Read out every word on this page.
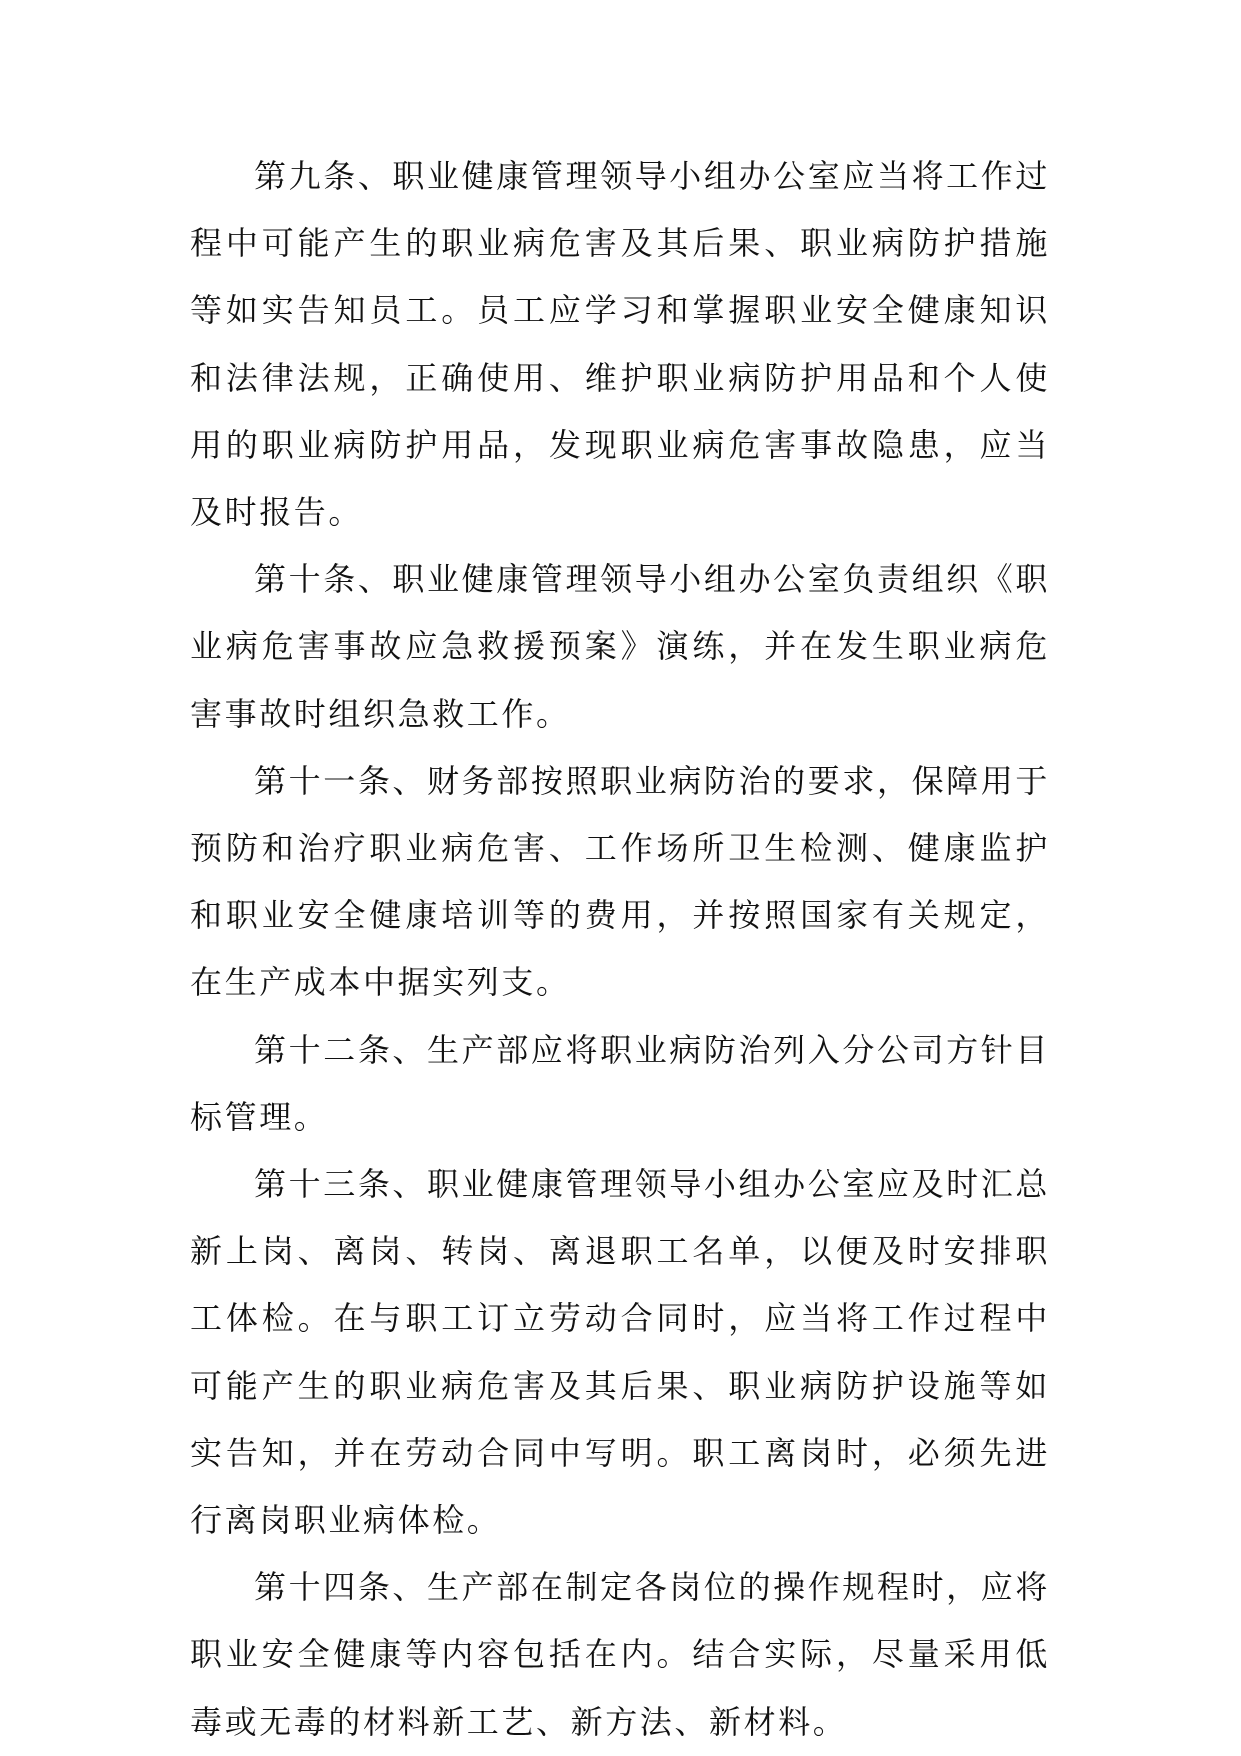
第九条、职业健康管理领导小组办公室应当将工作过程中可能产生的职业病危害及其后果、职业病防护措施等如实告知员工。员工应学习和掌握职业安全健康知识和法律法规，正确使用、维护职业病防护用品和个人使用的职业病防护用品，发现职业病危害事故隐患，应当及时报告。

第十条、职业健康管理领导小组办公室负责组织《职业病危害事故应急救援预案》演练，并在发生职业病危害事故时组织急救工作。

第十一条、财务部按照职业病防治的要求，保障用于预防和治疗职业病危害、工作场所卫生检测、健康监护和职业安全健康培训等的费用，并按照国家有关规定，在生产成本中据实列支。

第十二条、生产部应将职业病防治列入分公司方针目标管理。

第十三条、职业健康管理领导小组办公室应及时汇总新上岗、离岗、转岗、离退职工名单，以便及时安排职工体检。在与职工订立劳动合同时，应当将工作过程中可能产生的职业病危害及其后果、职业病防护设施等如实告知，并在劳动合同中写明。职工离岗时，必须先进行离岗职业病体检。

第十四条、生产部在制定各岗位的操作规程时，应将职业安全健康等内容包括在内。结合实际，尽量采用低毒或无毒的材料新工艺、新方法、新材料。
